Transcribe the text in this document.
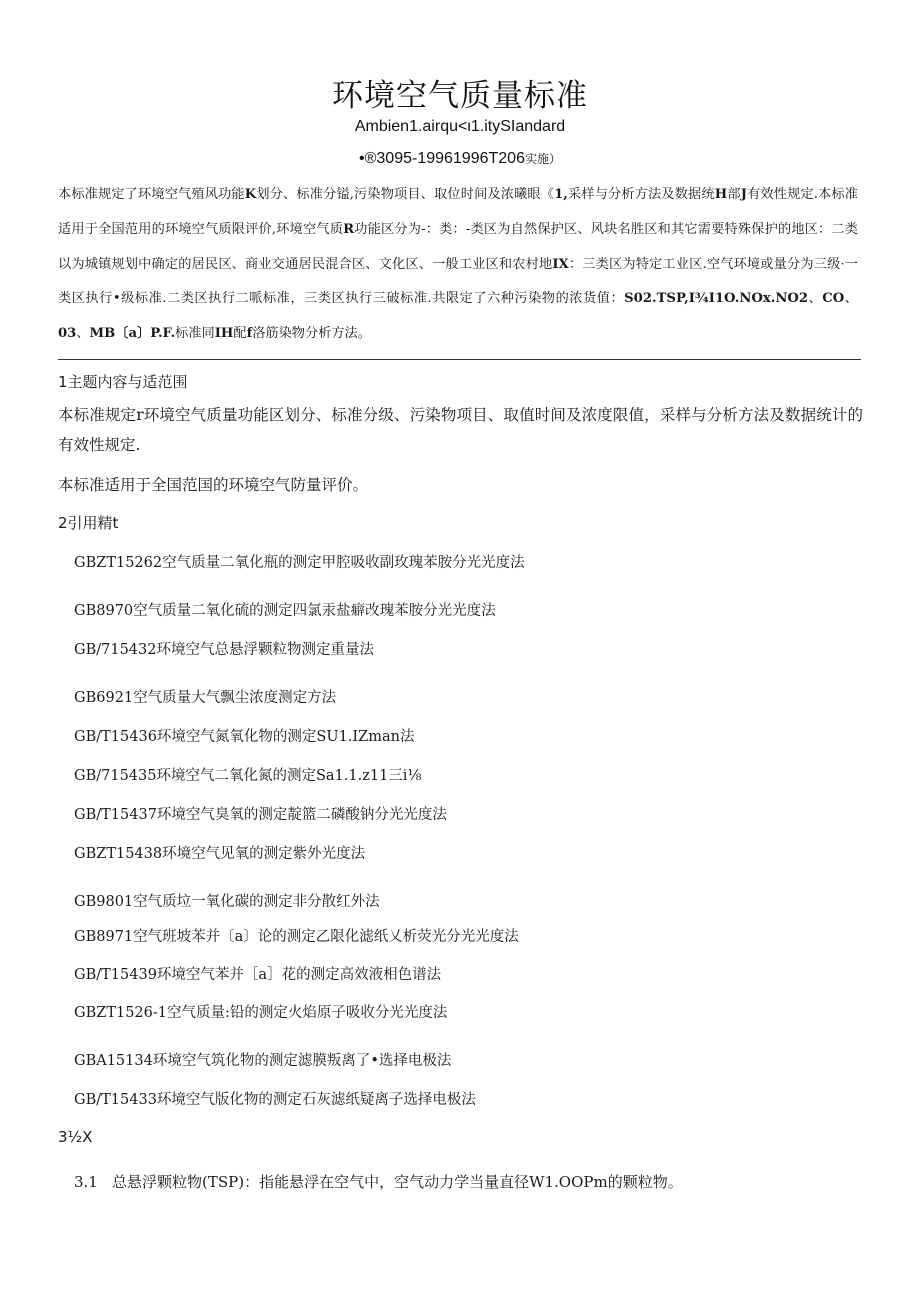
环境空气质量标准
Ambien1.airqu<ι1.itySIandard
•®3095-19961996T206实施）
本标准规定了环境空气殖风功能K划分、标准分镒,污染物项目、取位时间及浓曦眼《1,采样与分析方法及数据统H部J有效性规定.本标准适用于全国范用的环境空气质限评价,环境空气质R功能区分为-：类：-类区为自然保护区、风块名胜区和其它需要特殊保护的地区：二类以为城镇规划中确定的居民区、商业交通居民混合区、文化区、一般工业区和农村地IX：三类区为特定工业区.空气环境或量分为三级·一类区执行•级标准.二类区执行二哌标准，三类区执行三破标准.共限定了六种污染物的浓货值：S02.TSP,I¾I1O.NOx.NO2、CO、03、MB〔a〕P.F.标准同IH配f洛筋染物分析方法。
1主题内容与适范围
本标准规定r环境空气质量功能区划分、标准分级、污染物项目、取值时间及浓度限值，采样与分析方法及数据统计的有效性规定.
本标准适用于全国范国的环境空气防量评价。
2引用精t
GBZT15262空气质量二氧化瓶的测定甲腔吸收副玫瑰苯胺分光光度法
GB8970空气质量二氧化硫的测定四氯汞盐癖改瑰苯胺分光光度法
GB/715432环境空气总悬浮颗粒物测定重量法
GB6921空气质量大气飘尘浓度测定方法
GB/T15436环境空气氮氧化物的测定SU1.IZman法
GB/715435环境空气二氧化氮的测定Sa1.1.z11三i⅛
GB/T15437环境空气臭氧的测定靛篮二磷酸钠分光光度法
GBZT15438环境空气见氧的测定紫外光度法
GB9801空气质垃一氧化碳的测定非分散红外法
GB8971空气班坡苯并〔a〕论的测定乙限化滤纸乂析荧光分光光度法
GB/T15439环境空气苯并［a］花的测定高效液相色谱法
GBZT1526-1空气质量:铅的测定火焰原子吸收分光光度法
GBA15134环境空气筑化物的测定滤膜叛离了•选择电极法
GB/T15433环境空气版化物的测定石灰滤纸疑离子选择电极法
3½X
3.1 总悬浮颗粒物(TSP)：指能悬浮在空气中，空气动力学当量直径W1.OOPm的颗粒物。
